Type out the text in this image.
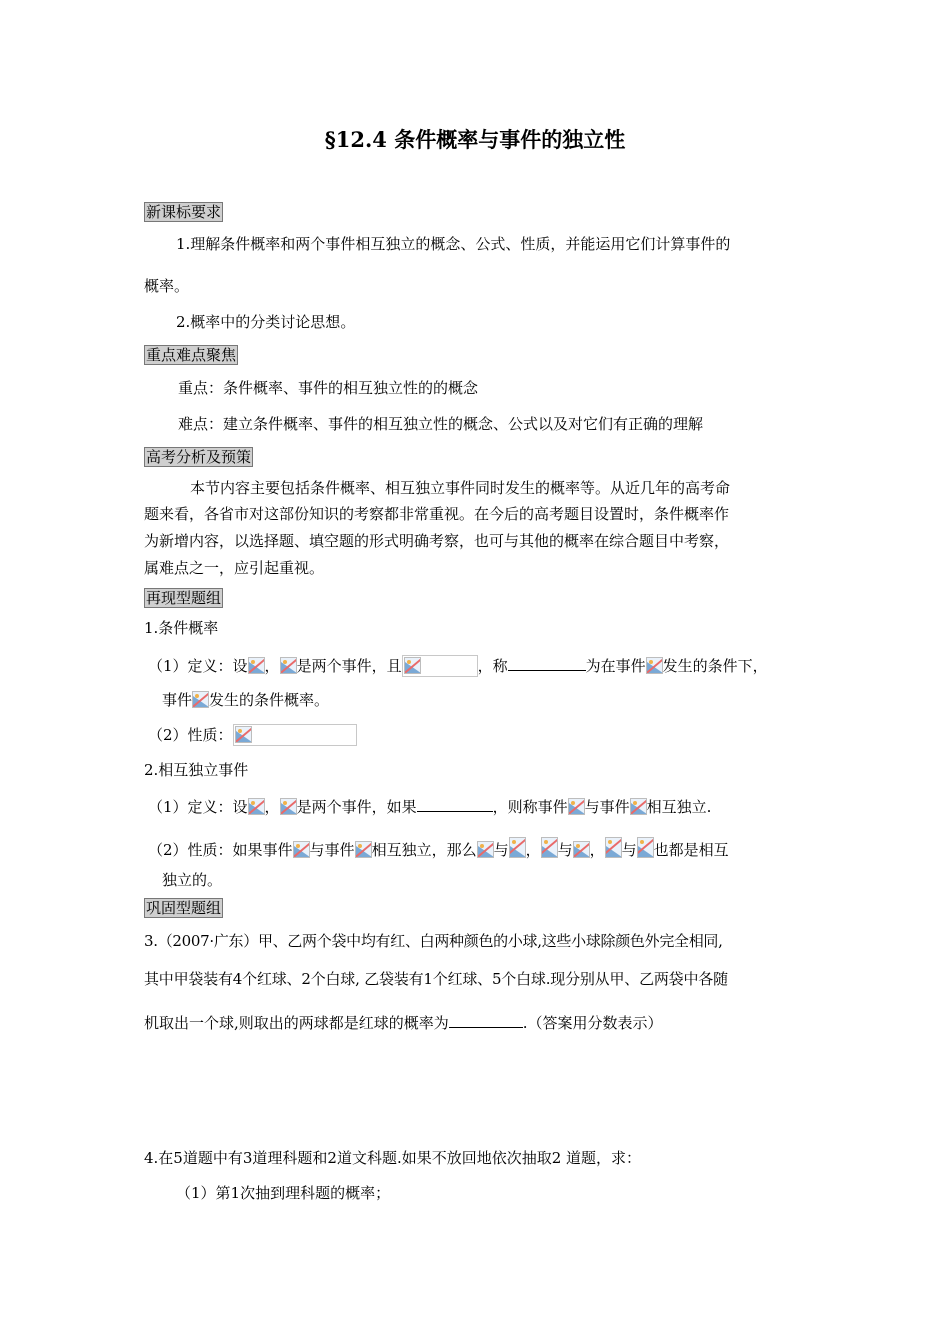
§12.4 条件概率与事件的独立性
新课标要求
1.理解条件概率和两个事件相互独立的概念、公式、性质，并能运用它们计算事件的
概率。
2.概率中的分类讨论思想。
重点难点聚焦
重点：条件概率、事件的相互独立性的的概念
难点：建立条件概率、事件的相互独立性的概念、公式以及对它们有正确的理解
高考分析及预策
本节内容主要包括条件概率、相互独立事件同时发生的概率等。从近几年的高考命
题来看，各省市对这部份知识的考察都非常重视。在今后的高考题目设置时，条件概率作
为新增内容，以选择题、填空题的形式明确考察，也可与其他的概率在综合题目中考察，
属难点之一，应引起重视。
再现型题组
1.条件概率
（1）定义：设 ， 是两个事件，且	，称	为在事件 发生的条件下，
事件 发生的条件概率。
（2）性质：
2.相互独立事件
（1）定义：设 ， 是两个事件，如果	，则称事件 与事件 相互独立.
（2）性质：如果事件 与事件 相互独立，那么 与 ， 与 ， 与 也都是相互
独立的。
巩固型题组
3.（2007·广东）甲、乙两个袋中均有红、白两种颜色的小球,这些小球除颜色外完全相同,
其中甲袋装有4个红球、2个白球, 乙袋装有1个红球、5个白球.现分别从甲、乙两袋中各随
机取出一个球,则取出的两球都是红球的概率为	.（答案用分数表示）
4.在5道题中有3道理科题和2道文科题.如果不放回地依次抽取2 道题，求：
（1）第1次抽到理科题的概率；
